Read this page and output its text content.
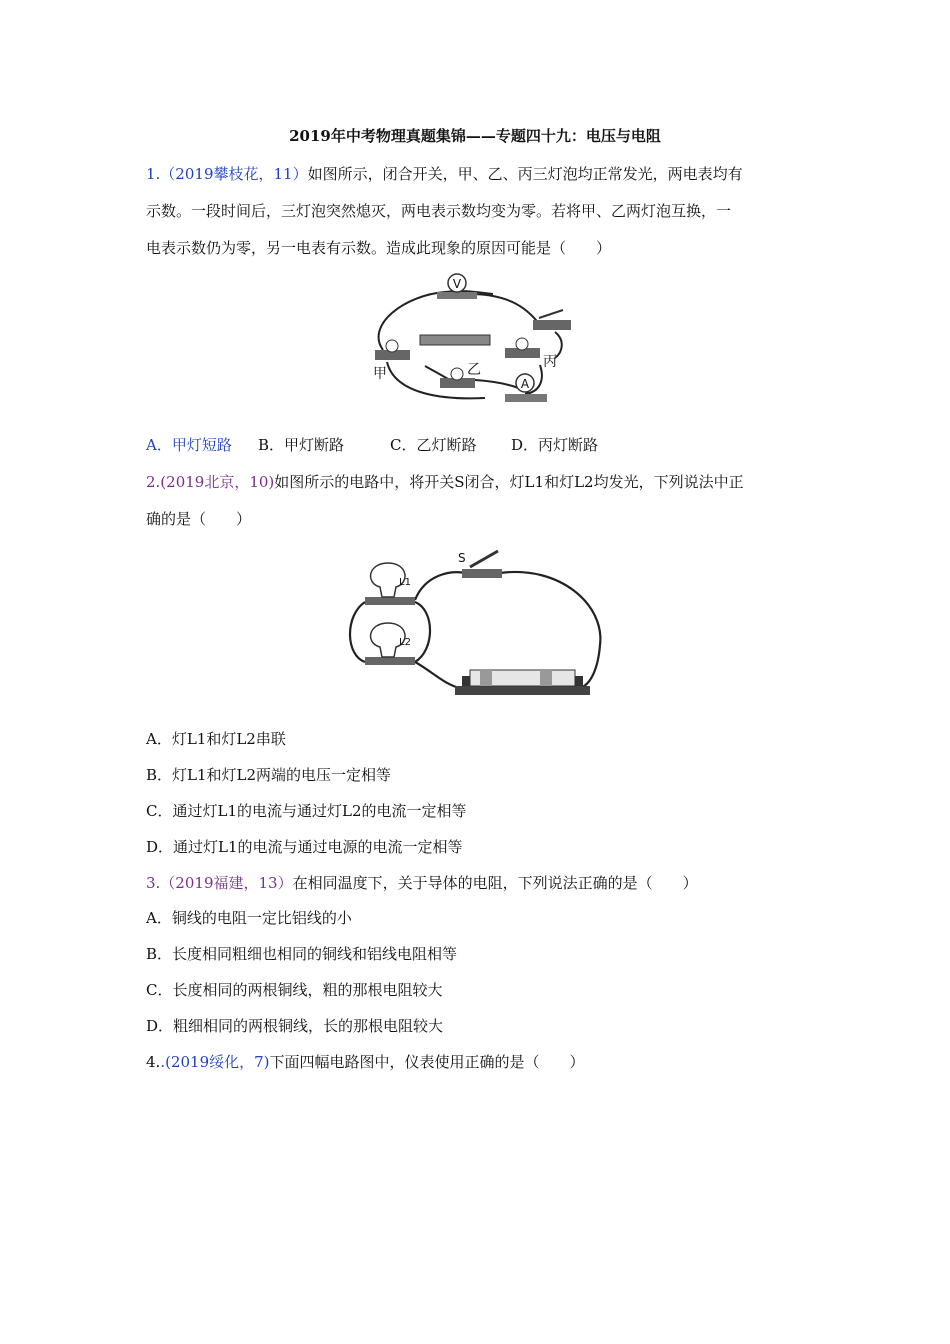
2019年中考物理真题集锦——专题四十九：电压与电阻
1.（2019攀枝花，11）如图所示，闭合开关，甲、乙、丙三灯泡均正常发光，两电表均有
示数。一段时间后，三灯泡突然熄灭，两电表示数均变为零。若将甲、乙两灯泡互换，一
电表示数仍为零，另一电表有示数。造成此现象的原因可能是（　　）
V
A
甲	乙	丙
A．甲灯短路 B．甲灯断路	C．乙灯断路 D．丙灯断路
2.(2019北京，10)如图所示的电路中，将开关S闭合，灯L1和灯L2均发光，下列说法中正
确的是（　　）
S
L1
L2
A．灯L1和灯L2串联
B．灯L1和灯L2两端的电压一定相等
C．通过灯L1的电流与通过灯L2的电流一定相等
D．通过灯L1的电流与通过电源的电流一定相等
3.（2019福建，13）在相同温度下，关于导体的电阻，下列说法正确的是（　　）
A．铜线的电阻一定比铝线的小
B．长度相同粗细也相同的铜线和铝线电阻相等
C．长度相同的两根铜线，粗的那根电阻较大
D．粗细相同的两根铜线，长的那根电阻较大
4..(2019绥化，7)下面四幅电路图中，仪表使用正确的是（　　）
